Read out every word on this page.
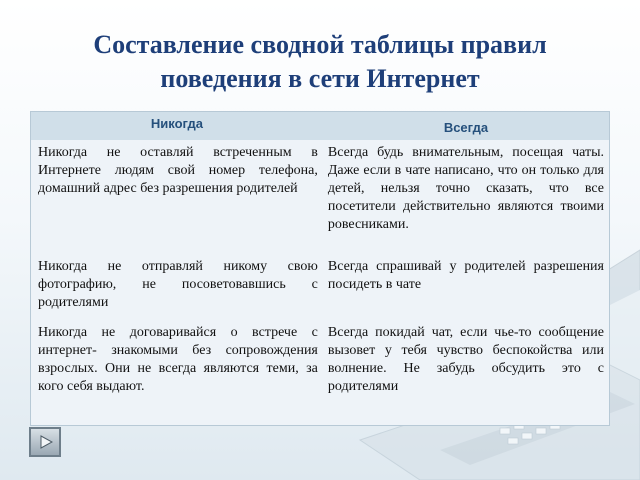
Составление сводной таблицы правил
поведения в сети Интернет
Никогда	Всегда
Никогда не оставляй встреченным в Интернете людям свой номер телефона, домашний адрес без разрешения родителей	Всегда будь внимательным, посещая чаты. Даже если в чате написано, что он только для детей, нельзя точно сказать, что все посетители действительно являются твоими ровесниками.
Никогда не отправляй никому свою фотографию, не посоветовавшись с родителями	Всегда спрашивай у родителей разрешения посидеть в чате
Никогда не договаривайся о встрече с интернет- знакомыми без сопровождения взрослых. Они не всегда являются теми, за кого себя выдают.	Всегда покидай чат, если чье-то сообщение вызовет у тебя чувство беспокойства или волнение. Не забудь обсудить это с родителями
